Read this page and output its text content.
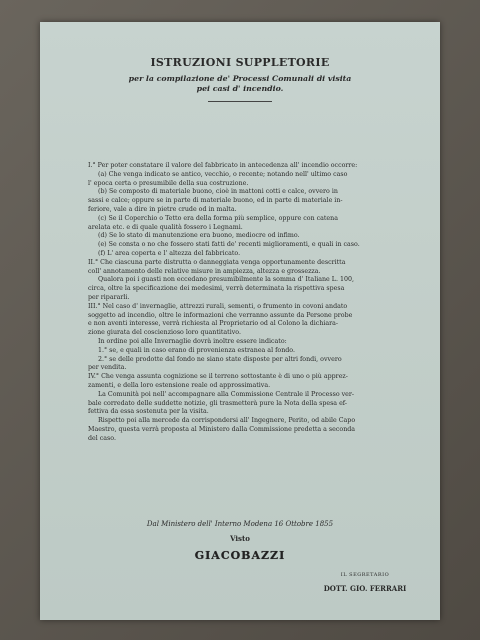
ISTRUZIONI SUPPLETORIE
per la compilazione de' Processi Comunali di visita
pei casi d' incendio.
I.° Per poter constatare il valore del fabbricato in antecedenza all' incendio occorre:
(a) Che venga indicato se antico, vecchio, o recente; notando nell' ultimo caso
l' epoca certa o presumibile della sua costruzione.
(b) Se composto di materiale buono, cioè in mattoni cotti e calce, ovvero in
sassi e calce; oppure se in parte di materiale buono, ed in parte di materiale in-
feriore, vale a dire in pietre crude od in malta.
(c) Se il Coperchio o Tetto era della forma più semplice, oppure con catena
arelata etc. e di quale qualità fossero i Legnami.
(d) Se lo stato di manutenzione era buono, mediocre od infimo.
(e) Se consta o no che fossero stati fatti de' recenti miglioramenti, e quali in caso.
(f) L' area coperta e l' altezza del fabbricato.
II.° Che ciascuna parte distrutta o danneggiata venga opportunamente descritta
coll' annotamento delle relative misure in ampiezza, altezza e grossezza.
Qualora poi i guasti non eccedano presumibilmente la somma d' Italiane L. 100,
circa, oltre la specificazione dei medesimi, verrà determinata la rispettiva spesa
per ripararli.
III.° Nel caso d' invernaglie, attrezzi rurali, sementi, o frumento in covoni andato
soggetto ad incendio, oltre le informazioni che verranno assunte da Persone probe
e non aventi interesse, verrà richiesta al Proprietario od al Colono la dichiara-
zione giurata del coscienzioso loro quantitativo.
In ordine poi alle Invernaglie dovrà inoltre essere indicato:
1.° se, e quali in caso erano di provenienza estranea al fondo.
2.° se delle prodotte dal fondo ne siano state disposte per altri fondi, ovvero
per vendita.
IV.° Che venga assunta cognizione se il terreno sottostante è di uno o più apprez-
zamenti, e della loro estensione reale od approssimativa.
La Comunità poi nell' accompagnare alla Commissione Centrale il Processo ver-
bale corredato delle suddette notizie, gli trasmetterà pure la Nota della spesa ef-
fettiva da essa sostenuta per la visita.
Rispetto poi alla mercede da corrispondersi all' Ingegnere, Perito, od abile Capo
Maestro, questa verrà proposta al Ministero dalla Commissione predetta a seconda
del caso.
Dal Ministero dell' Interno Modena 16 Ottobre 1855
Visto
GIACOBAZZI
IL SEGRETARIO
DOTT. GIO. FERRARI
